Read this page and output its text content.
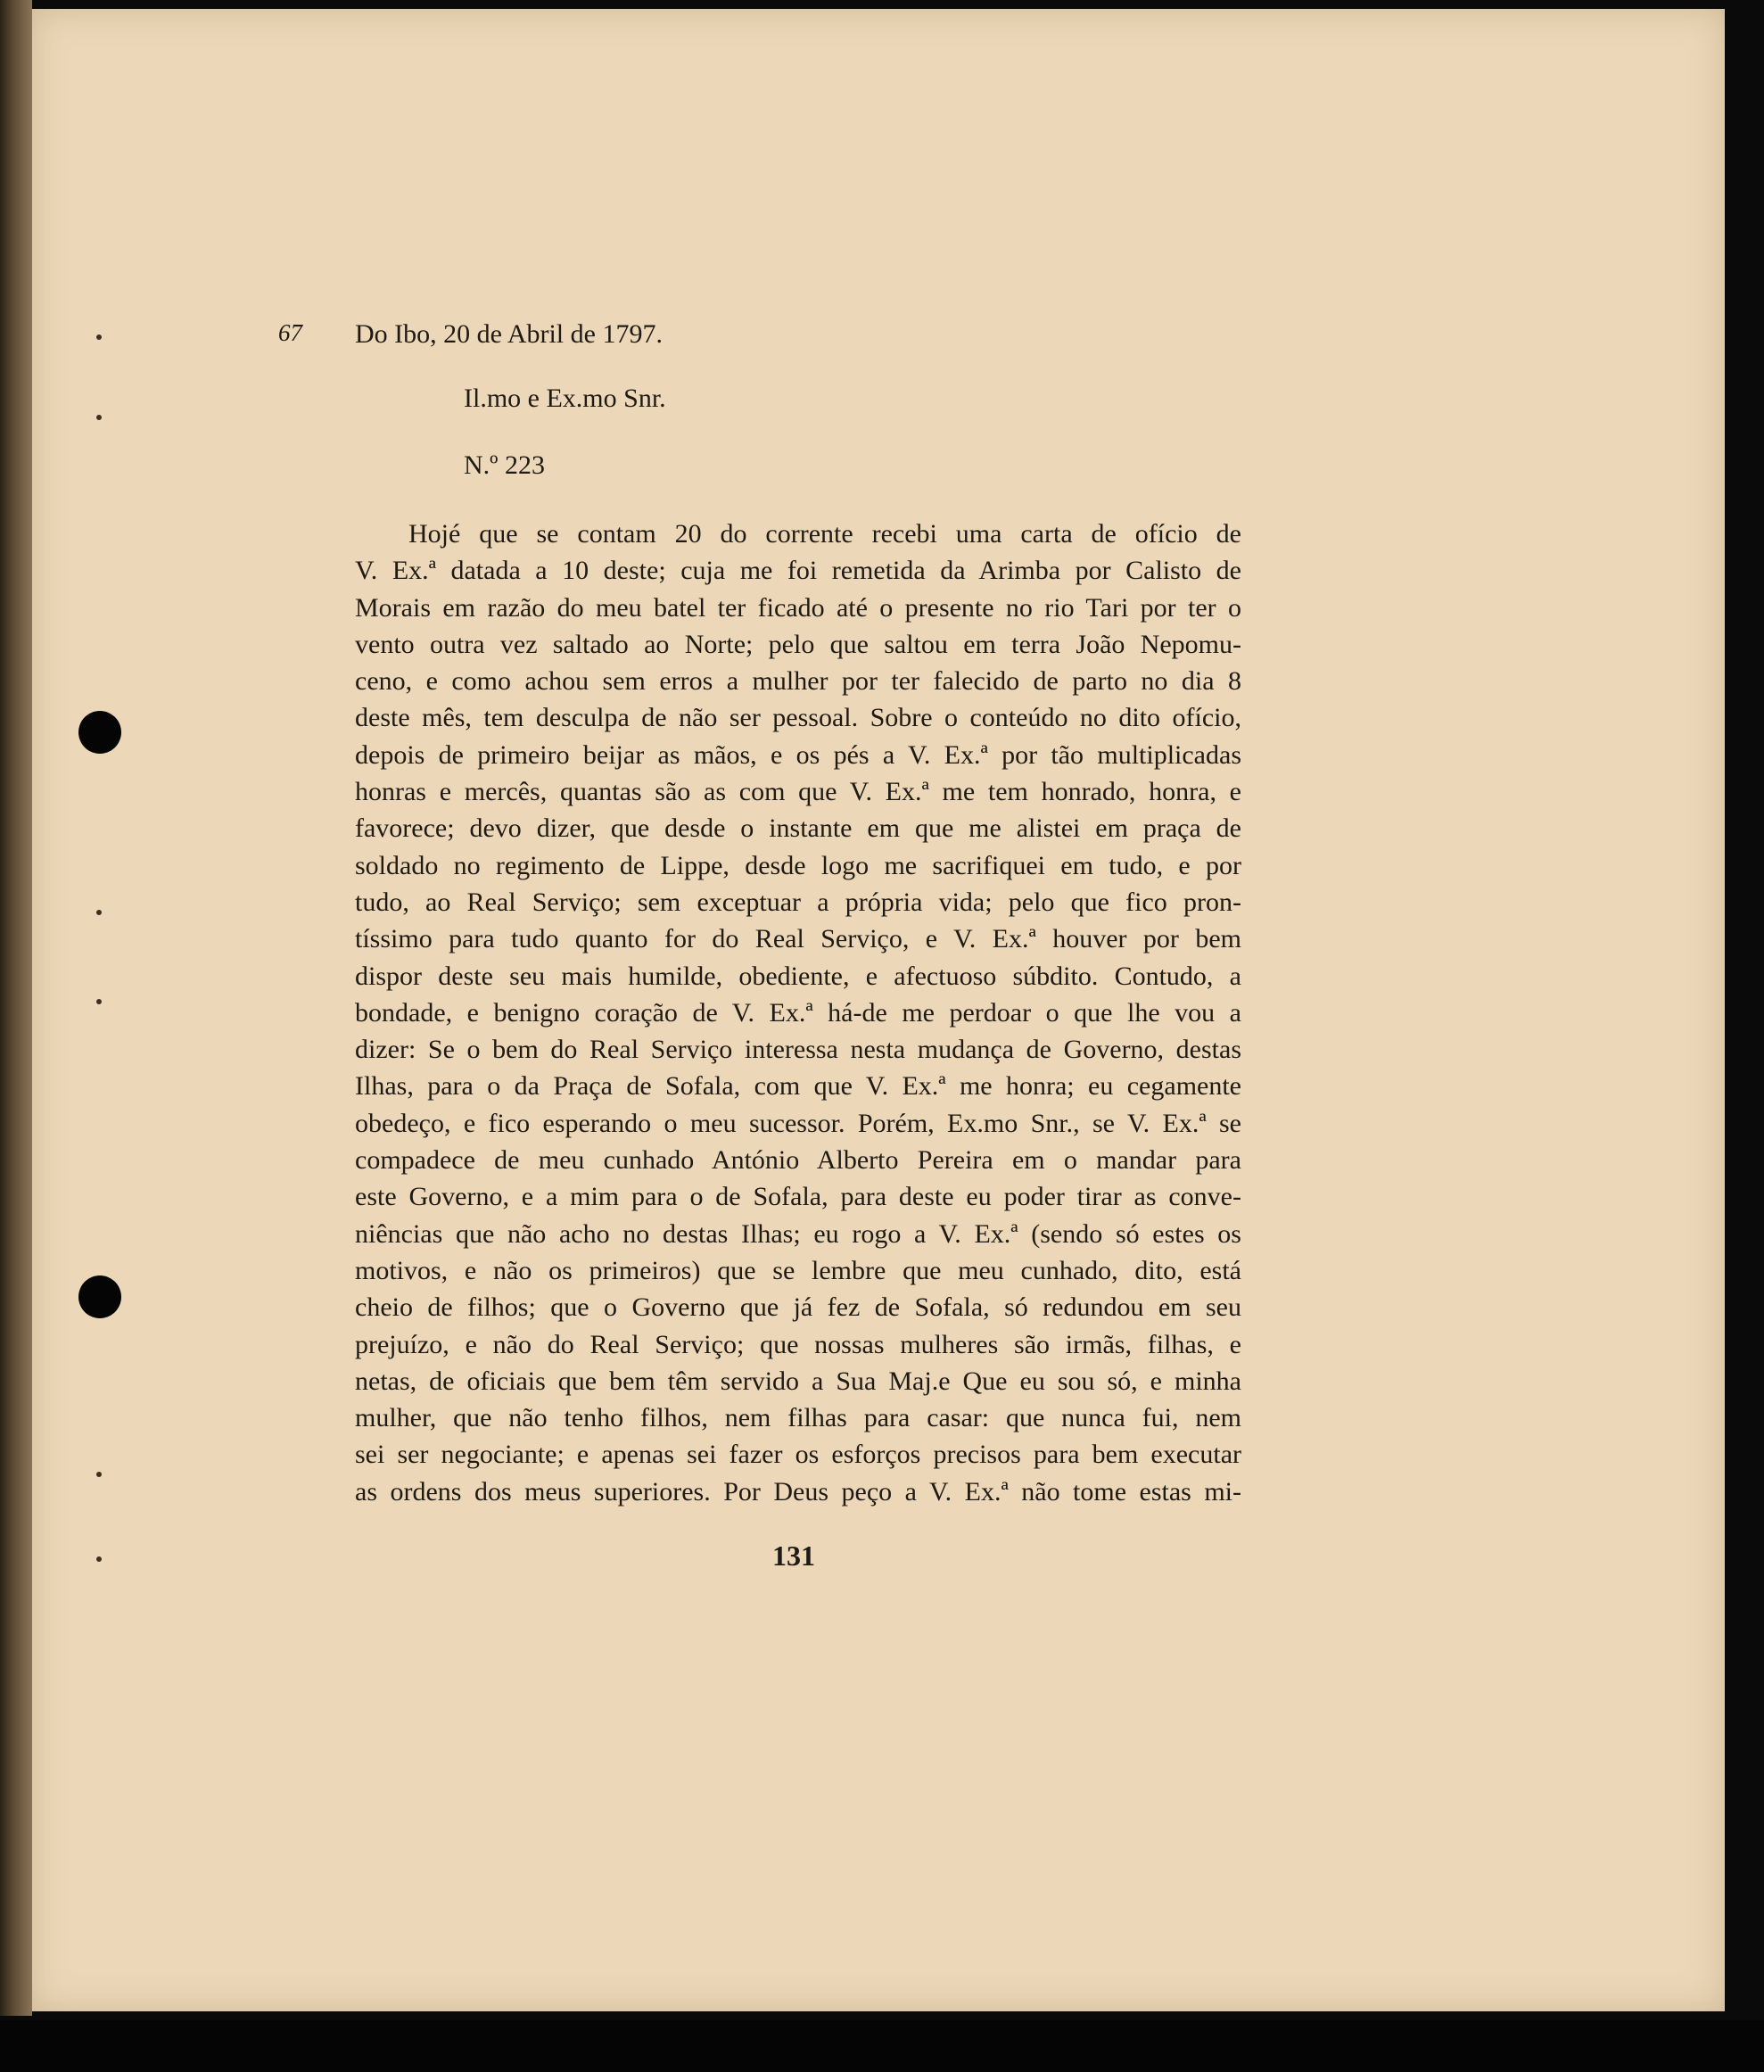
67 Do Ibo, 20 de Abril de 1797.
Il.mo e Ex.mo Snr.
N.º 223
Hojé que se contam 20 do corrente recebi uma carta de ofício de
V. Ex.ª datada a 10 deste; cuja me foi remetida da Arimba por Calisto de
Morais em razão do meu batel ter ficado até o presente no rio Tari por ter o
vento outra vez saltado ao Norte; pelo que saltou em terra João Nepomu-
ceno, e como achou sem erros a mulher por ter falecido de parto no dia 8
deste mês, tem desculpa de não ser pessoal. Sobre o conteúdo no dito ofício,
depois de primeiro beijar as mãos, e os pés a V. Ex.ª por tão multiplicadas
honras e mercês, quantas são as com que V. Ex.ª me tem honrado, honra, e
favorece; devo dizer, que desde o instante em que me alistei em praça de
soldado no regimento de Lippe, desde logo me sacrifiquei em tudo, e por
tudo, ao Real Serviço; sem exceptuar a própria vida; pelo que fico pron-
tíssimo para tudo quanto for do Real Serviço, e V. Ex.ª houver por bem
dispor deste seu mais humilde, obediente, e afectuoso súbdito. Contudo, a
bondade, e benigno coração de V. Ex.ª há-de me perdoar o que lhe vou a
dizer: Se o bem do Real Serviço interessa nesta mudança de Governo, destas
Ilhas, para o da Praça de Sofala, com que V. Ex.ª me honra; eu cegamente
obedeço, e fico esperando o meu sucessor. Porém, Ex.mo Snr., se V. Ex.ª se
compadece de meu cunhado António Alberto Pereira em o mandar para
este Governo, e a mim para o de Sofala, para deste eu poder tirar as conve-
niências que não acho no destas Ilhas; eu rogo a V. Ex.ª (sendo só estes os
motivos, e não os primeiros) que se lembre que meu cunhado, dito, está
cheio de filhos; que o Governo que já fez de Sofala, só redundou em seu
prejuízo, e não do Real Serviço; que nossas mulheres são irmãs, filhas, e
netas, de oficiais que bem têm servido a Sua Maj.e Que eu sou só, e minha
mulher, que não tenho filhos, nem filhas para casar: que nunca fui, nem
sei ser negociante; e apenas sei fazer os esforços precisos para bem executar
as ordens dos meus superiores. Por Deus peço a V. Ex.ª não tome estas mi-
131
